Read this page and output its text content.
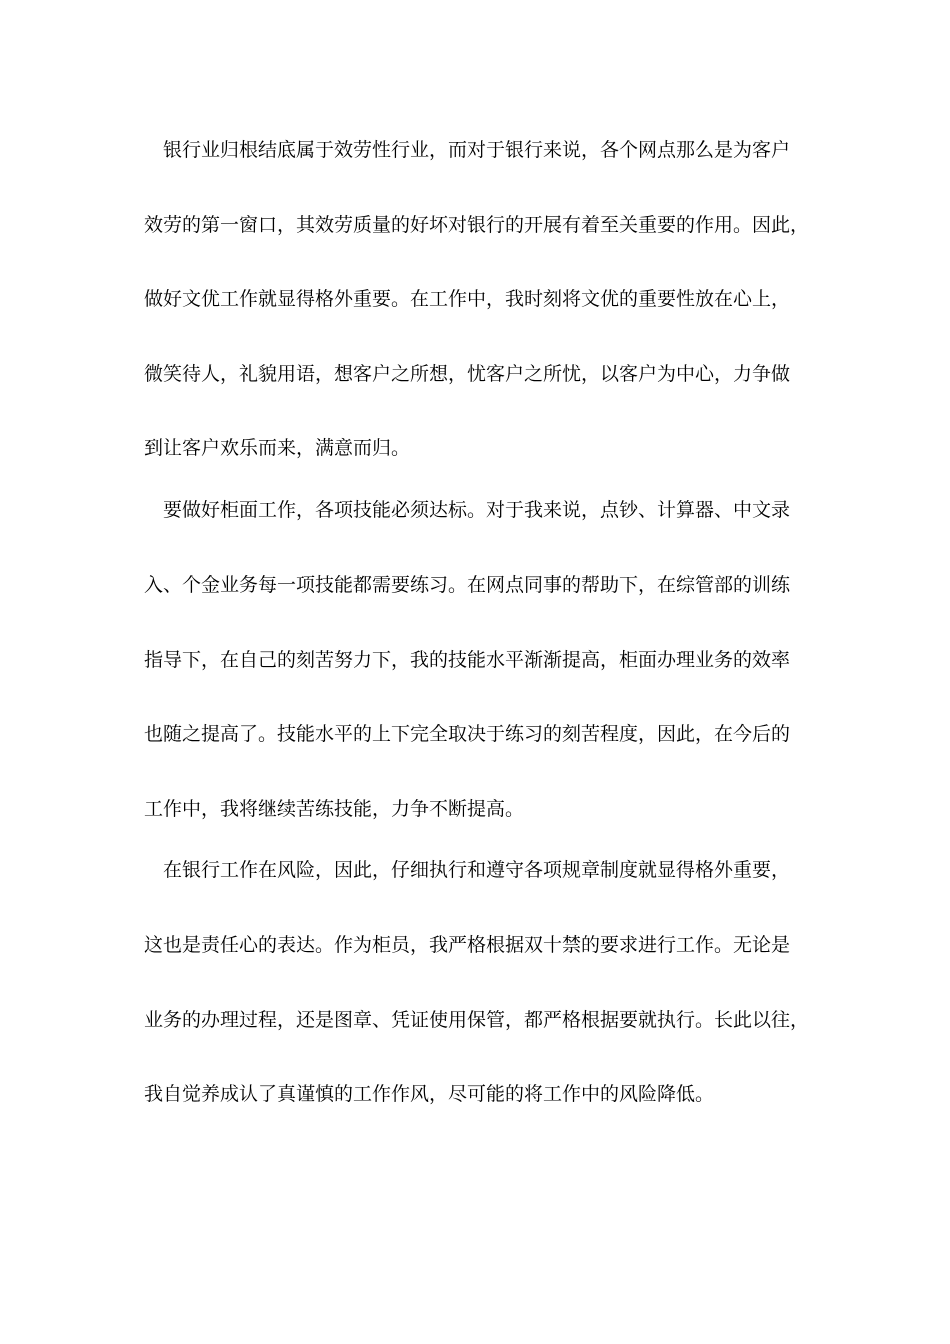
银行业归根结底属于效劳性行业，而对于银行来说，各个网点那么是为客户
效劳的第一窗口，其效劳质量的好坏对银行的开展有着至关重要的作用。因此，
做好文优工作就显得格外重要。在工作中，我时刻将文优的重要性放在心上，
微笑待人，礼貌用语，想客户之所想，忧客户之所忧，以客户为中心，力争做
到让客户欢乐而来，满意而归。
要做好柜面工作，各项技能必须达标。对于我来说，点钞、计算器、中文录
入、个金业务每一项技能都需要练习。在网点同事的帮助下，在综管部的训练
指导下，在自己的刻苦努力下，我的技能水平渐渐提高，柜面办理业务的效率
也随之提高了。技能水平的上下完全取决于练习的刻苦程度，因此，在今后的
工作中，我将继续苦练技能，力争不断提高。
在银行工作在风险，因此，仔细执行和遵守各项规章制度就显得格外重要，
这也是责任心的表达。作为柜员，我严格根据双十禁的要求进行工作。无论是
业务的办理过程，还是图章、凭证使用保管，都严格根据要就执行。长此以往，
我自觉养成认了真谨慎的工作作风，尽可能的将工作中的风险降低。
